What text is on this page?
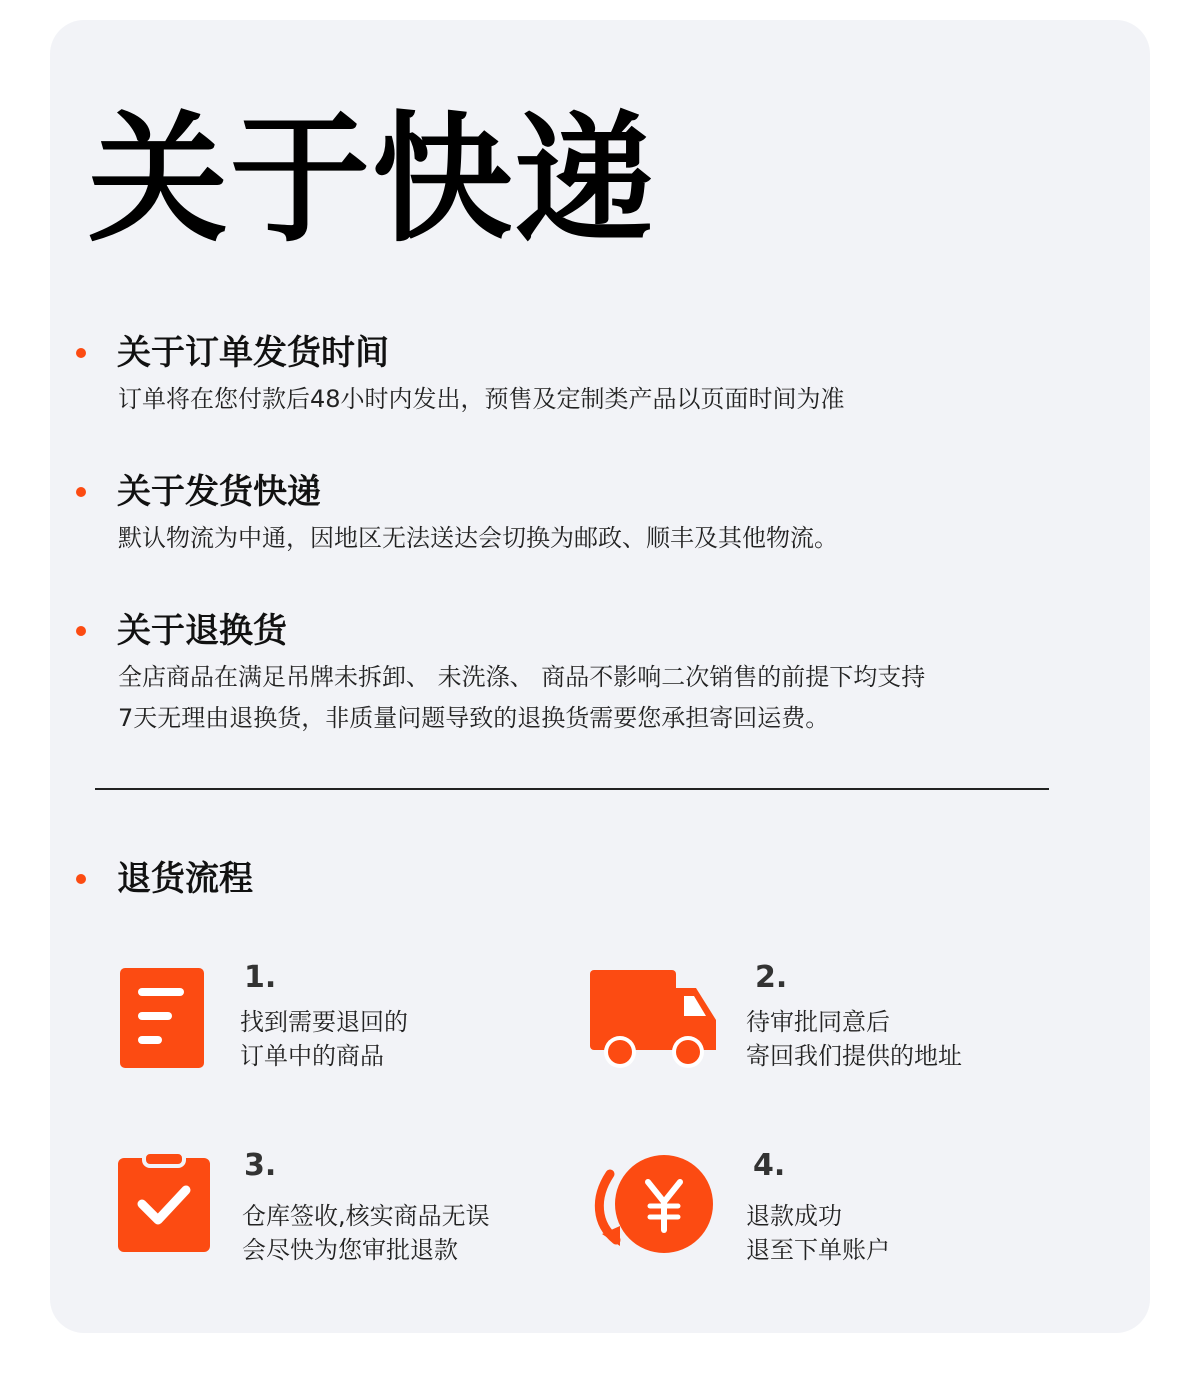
关于快递
关于订单发货时间

订单将在您付款后48小时内发出，预售及定制类产品以页面时间为准

关于发货快递

默认物流为中通，因地区无法送达会切换为邮政、顺丰及其他物流。

关于退换货

全店商品在满足吊牌未拆卸、 未洗涤、 商品不影响二次销售的前提下均支持

7天无理由退换货，非质量问题导致的退换货需要您承担寄回运费。

退货流程
1.
找到需要退回的
订单中的商品
2.
待审批同意后
寄回我们提供的地址
3.
仓库签收,核实商品无误
会尽快为您审批退款
4.
退款成功
退至下单账户
